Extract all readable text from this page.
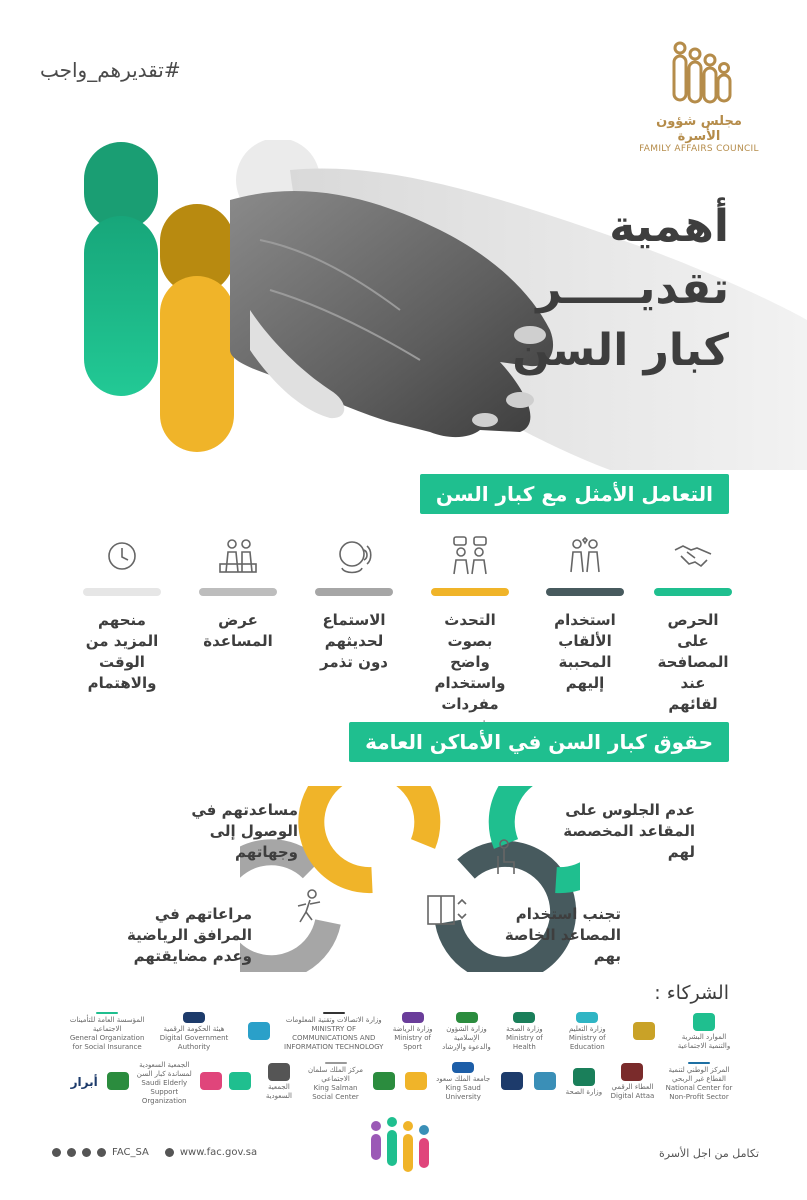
#تقديرهم_واجب
مجلس شؤون الأسرة
FAMILY AFFAIRS COUNCIL
أهمية
تقديـــــر
كبار السن
التعامل الأمثل مع كبار السن
الحرص على المصافحة عند لقائهم
استخدام الألقاب المحببة إليهم
التحدث بصوت واضح واستخدام مفردات
الاستماع لحديثهم دون تذمر
عرض المساعدة
منحهم المزيد من الوقت والاهتمام
حقوق كبار السن في الأماكن العامة
عدم الجلوس على المقاعد المخصصة لهم
تجنب استخدام المصاعد الخاصة بهم
مساعدتهم في الوصول إلى وجهاتهم
مراعاتهم في المرافق الرياضية وعدم مضايقتهم
الشركاء :
الموارد البشرية والتنمية الاجتماعية
وزارة التعليم
Ministry of Education
وزارة الصحة
Ministry of Health
وزارة الشؤون الإسلامية والدعوة والإرشاد
وزارة الرياضة
Ministry of Sport
وزارة الاتصالات وتقنية المعلومات
MINISTRY OF COMMUNICATIONS AND INFORMATION TECHNOLOGY
هيئة الحكومة الرقمية
Digital Government Authority
المؤسسة العامة للتأمينات الاجتماعية
General Organization for Social Insurance
المركز الوطني لتنمية القطاع غير الربحي
National Center for Non-Profit Sector
العطاء الرقمي
Digital Attaa
وزارة الصحة
جامعة الملك سعود
King Saud University
مركز الملك سلمان الاجتماعي
King Salman Social Center
الجمعية السعودية
الجمعية السعودية لمساندة كبار السن
Saudi Elderly Support Organization
أبرار
FAC_SA	www.fac.gov.sa	تكامل من اجل الأسرة
